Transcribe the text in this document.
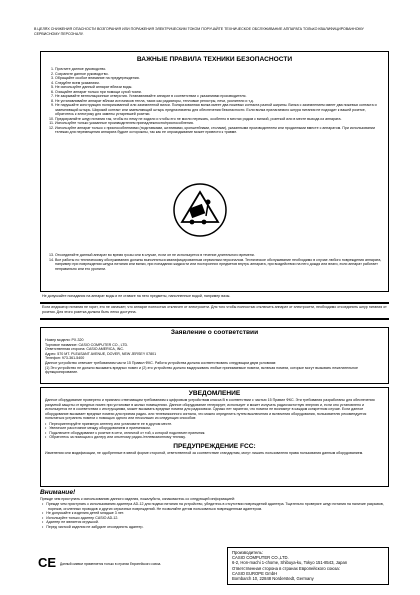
В ЦЕЛЯХ СНИЖЕНИЯ ОПАСНОСТИ ВОЗГОРАНИЯ ИЛИ ПОРАЖЕНИЯ ЭЛЕКТРИЧЕСКИМ ТОКОМ ПОРУЧАЙТЕ ТЕХНИЧЕСКОЕ ОБСЛУЖИВАНИЕ АППАРАТА ТОЛЬКО КВАЛИФИЦИРОВАННОМУ СЕРВИСНОМУ ПЕРСОНАЛУ.
ВАЖНЫЕ ПРАВИЛА ТЕХНИКИ БЕЗОПАСНОСТИ
1. Прочтите данное руководство.
2. Сохраните данное руководство.
3. Обращайте особое внимание на предупреждения.
4. Следуйте всем указаниям.
5. Не используйте данный аппарат вблизи воды.
6. Очищайте аппарат только при помощи сухой ткани.
7. Не закрывайте вентиляционные отверстия. Устанавливайте аппарат в соответствии с указаниями производителя.
8. Не устанавливайте аппарат вблизи источников тепла, таких как радиаторы, тепловые регистры, печи, усилители и т.д.
9. Не нарушайте конструкцию поляризованной или заземленной вилки. Поляризованная вилка имеет два ножевых контакта разной ширины. Вилка с заземлением имеет два ножевых контакта и заземляющий штырь. Широкий контакт или заземляющий штырь предназначены для обеспечения безопасности. Если вилка прилагаемого шнура питания не подходит к вашей розетке, обратитесь к электрику для замены устаревшей розетки.
10. Предохраняйте шнур питания так, чтобы по нему не ходили и чтобы его не могли пережать, особенно в местах рядом с вилкой, розеткой или в месте выхода из аппарата.
11. Используйте только указанные производителем принадлежности/приспособления.
12. Используйте аппарат только с приспособлениями (подставками, штативами, кронштейнами, столами), указанными производителем или проданными вместе с аппаратом. При использовании тележки для перемещения аппарата будьте осторожны, так как ее опрокидывание может привести к травме.
13. Отсоединяйте данный аппарат во время грозы или в случае, если он не используется в течение длительного времени.
14. Все работы по техническому обслуживанию должны выполняться квалифицированным сервисным персоналом. Техническое обслуживание необходимо в случае любого повреждения аппарата, например при повреждении шнура питания или вилки, при попадании жидкости или посторонних предметов внутрь аппарата, при воздействии на него дождя или влаги, если аппарат работает неправильно или его уронили.
Не допускайте попадания на аппарат воды и не ставьте на него предметы, наполненные водой, например вазы.
Если индикатор питания не горит, это не означает, что аппарат полностью отключен от электросети. Для того чтобы полностью отключить аппарат от электросети, необходимо отсоединить шнур питания от розетки. Для этого розетка должна быть легко доступна.
Заявление о соответствии
Номер модели: PX-320
Торговое название: CASIO COMPUTER CO., LTD.
Ответственная сторона: CASIO AMERICA, INC.
Адрес: 570 MT. PLEASANT AVENUE, DOVER, NEW JERSEY 07801
Телефон: 973-361-5400
Данное устройство отвечает требованиям части 15 Правил ФКС. Работа устройства должна соответствовать следующим двум условиям:
(1) Это устройство не должно вызывать вредных помех и (2) это устройство должно выдерживать любые принимаемые помехи, включая помехи, которые могут вызывать нежелательное функционирование.
УВЕДОМЛЕНИЕ
Данное оборудование проверено и признано отвечающим требованиям к цифровым устройствам класса B в соответствии с частью 15 Правил ФКС. Эти требования разработаны для обеспечения разумной защиты от вредных помех при установке в жилых помещениях. Данное оборудование генерирует, использует и может излучать радиочастотную энергию и, если оно установлено и используется не в соответствии с инструкциями, может вызывать вредные помехи для радиосвязи. Однако нет гарантии, что помехи не возникнут в каждом конкретном случае. Если данное оборудование вызывает вредные помехи для приема радио- или телевизионного сигнала, что можно определить путем выключения и включения оборудования, пользователю рекомендуется попытаться устранить помехи с помощью одного или нескольких из следующих способов:
• Переориентируйте приемную антенну или установите ее в другом месте.
• Увеличьте расстояние между оборудованием и приемником.
• Подключите оборудование к розетке в сети, отличной от той, к которой подключен приемник.
• Обратитесь за помощью к дилеру или опытному радио-/телевизионному технику.
ПРЕДУПРЕЖДЕНИЕ FCC:
Изменения или модификации, не одобренные в явной форме стороной, ответственной за соответствие стандартам, могут лишить пользователя права пользования данным оборудованием.
Внимание!
Прежде чем приступать к использованию данного изделия, пожалуйста, ознакомьтесь со следующей информацией:
• Прежде чем приступать к использованию адаптера AD-12 для подачи питания на устройство, убедитесь в отсутствии повреждений адаптера. Тщательно проверьте шнур питания на наличие разрывов, порезов, оголенных проводов и других серьезных повреждений. Не позволяйте детям пользоваться поврежденным адаптером.
• Не допускайте к изделию детей младше 3 лет.
• Используйте только адаптер CASIO AD-12.
• Адаптер не является игрушкой.
• Перед чисткой изделия не забудьте отсоединить адаптер.
CE Данный символ применяется только в странах Европейского союза.
Производитель:
CASIO COMPUTER CO.,LTD.
6-2, Hon-machi 1-chome, Shibuya-ku, Tokyo 151-8543, Japan
Ответственная сторона в странах Европейского союза:
CASIO EUROPE GmbH
Bornbarch 10, 22848 Norderstedt, Germany
